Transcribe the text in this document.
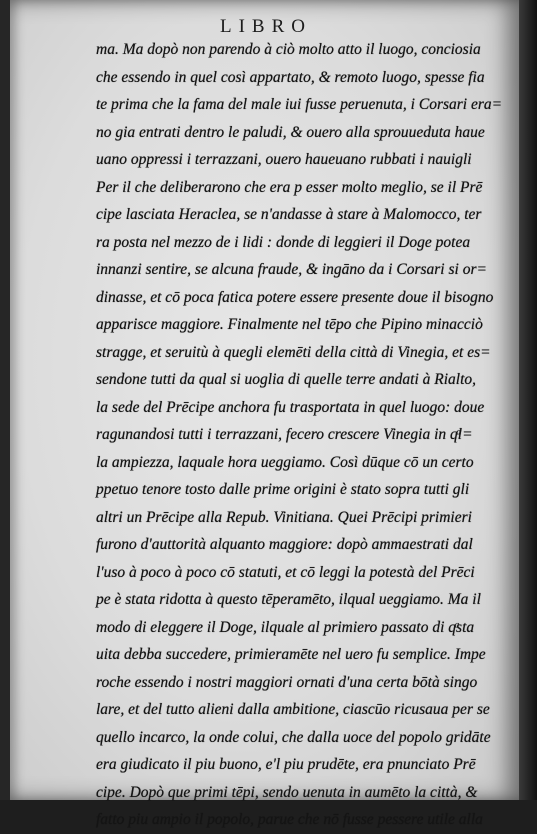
LIBRO
ma. Ma dopò non parendo à ciò molto atto il luogo, conciosia
che essendo in quel così appartato, & remoto luogo, spesse fia
te prima che la fama del male iui fusse peruenuta, i Corsari era=
no gia entrati dentro le paludi, & ouero alla sprouueduta haue
uano oppressi i terrazzani, ouero haueuano rubbati i nauigli
Per il che deliberarono che era p esser molto meglio, se il Prē
cipe lasciata Heraclea, se n'andasse à stare à Malomocco, ter
ra posta nel mezzo de i lidi : donde di leggieri il Doge potea
innanzi sentire, se alcuna fraude, & ingāno da i Corsari si or=
dinasse, et cō poca fatica potere essere presente doue il bisogno
apparisce maggiore. Finalmente nel tēpo che Pipino minacciò
stragge, et seruitù à quegli elemēti della città di Vinegia, et es=
sendone tutti da qual si uoglia di quelle terre andati à Rialto,
la sede del Prēcipe anchora fu trasportata in quel luogo: doue
ragunandosi tutti i terrazzani, fecero crescere Vinegia in qͣl=
la ampiezza, laquale hora ueggiamo. Così dūque cō un certo
ppetuo tenore tosto dalle prime origini è stato sopra tutti gli
altri un Prēcipe alla Repub. Vinitiana. Quei Prēcipi primieri
furono d'auttorità alquanto maggiore: dopò ammaestrati dal
l'uso à poco à poco cō statuti, et cō leggi la potestà del Prēci
pe è stata ridotta à questo tēperamēto, ilqual ueggiamo. Ma il
modo di eleggere il Doge, ilquale al primiero passato di qͣsta
uita debba succedere, primieramēte nel uero fu semplice. Impe
roche essendo i nostri maggiori ornati d'una certa bōtà singo
lare, et del tutto alieni dalla ambitione, ciascūo ricusaua per se
quello incarco, la onde colui, che dalla uoce del popolo gridāte
era giudicato il piu buono, e'l piu prudēte, era pnunciato Prē
cipe. Dopò que primi tēpi, sendo uenuta in aumēto la città, &
fatto piu ampio il popolo, parue che nō fusse pessere utile alla
